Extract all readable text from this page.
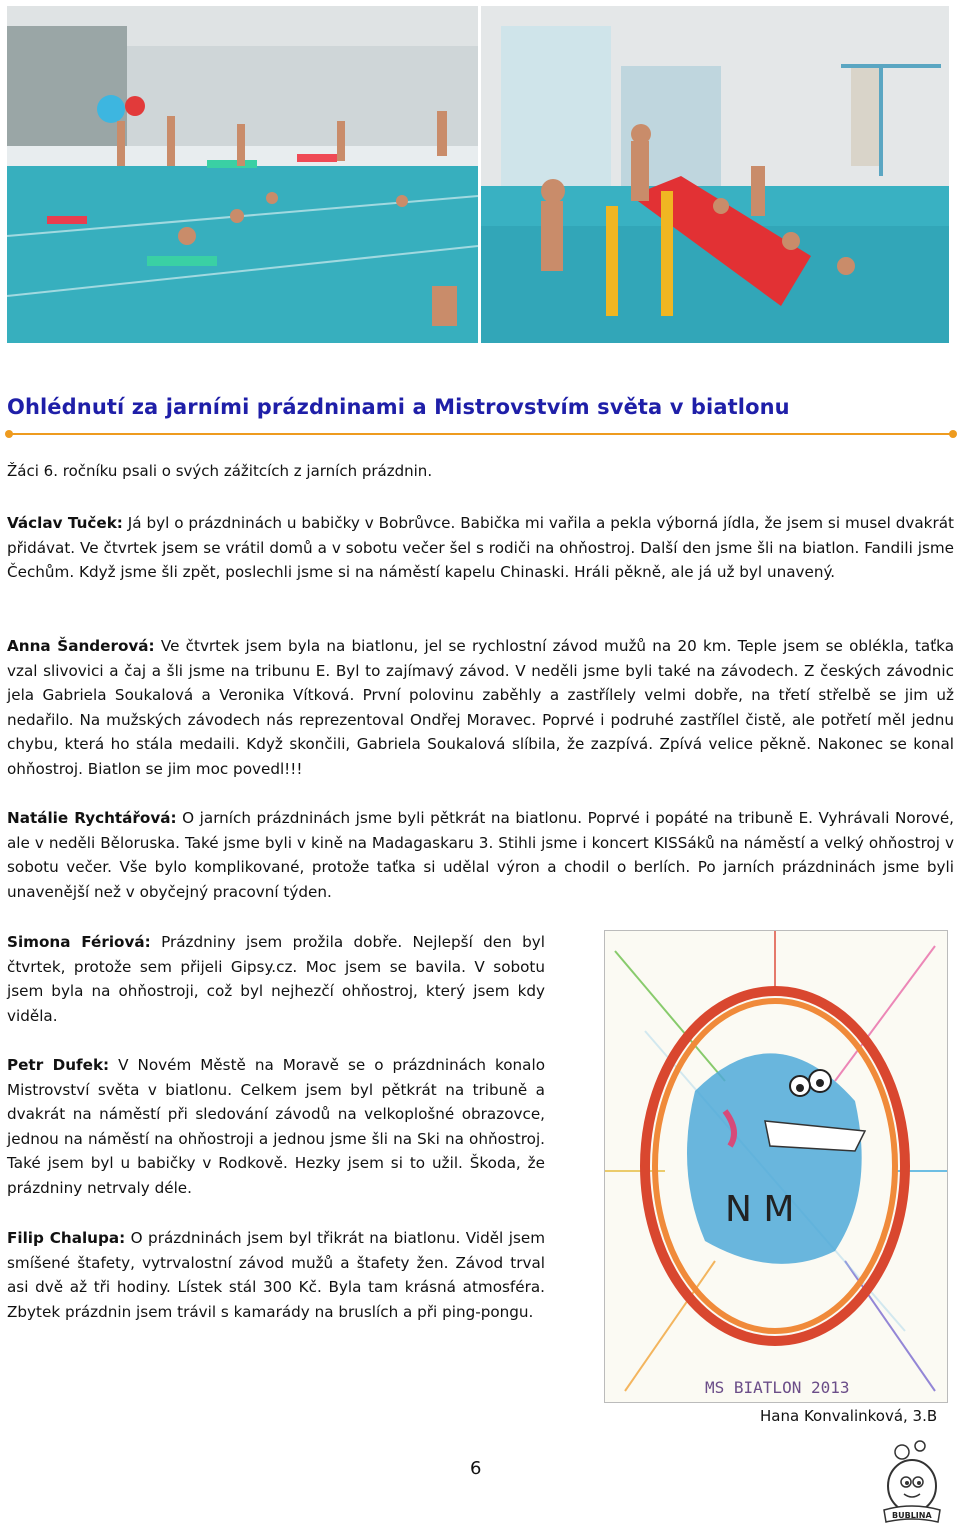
Ohlédnutí za jarními prázdninami a Mistrovstvím světa v biatlonu
Žáci 6. ročníku psali o svých zážitcích z jarních prázdnin.

Václav Tuček: Já byl o prázdninách u babičky v Bobrůvce. Babička mi vařila a pekla výborná jídla, že jsem si musel dvakrát přidávat. Ve čtvrtek jsem se vrátil domů a v sobotu večer šel s rodiči na ohňostroj. Další den jsme šli na biatlon. Fandili jsme Čechům. Když jsme šli zpět, poslechli jsme si na náměstí kapelu Chinaski. Hráli pěkně, ale já už byl unavený.

Anna Šanderová: Ve čtvrtek jsem byla na biatlonu, jel se rychlostní závod mužů na 20 km. Teple jsem se oblékla, taťka vzal slivovici a čaj a šli jsme na tribunu E. Byl to zajímavý závod. V neděli jsme byli také na závodech. Z českých závodnic jela Gabriela Soukalová a Veronika Vítková. První polovinu zaběhly a zastřílely velmi dobře, na třetí střelbě se jim už nedařilo. Na mužských závodech nás reprezentoval Ondřej Moravec. Poprvé i podruhé zastřílel čistě, ale potřetí měl jednu chybu, která ho stála medaili. Když skončili, Gabriela Soukalová slíbila, že zazpívá. Zpívá velice pěkně. Nakonec se konal ohňostroj. Biatlon se jim moc povedl!!!

Natálie Rychtářová: O jarních prázdninách jsme byli pětkrát na biatlonu. Poprvé i popáté na tribuně E. Vyhrávali Norové, ale v neděli Běloruska. Také jsme byli v kině na Madagaskaru 3. Stihli jsme i koncert KISSáků na náměstí a velký ohňostroj v sobotu večer. Vše bylo komplikované, protože taťka si udělal výron a chodil o berlích. Po jarních prázdninách jsme byli unavenější než v obyčejný pracovní týden.

Simona Fériová: Prázdniny jsem prožila dobře. Nejlepší den byl čtvrtek, protože sem přijeli Gipsy.cz. Moc jsem se bavila. V sobotu jsem byla na ohňostroji, což byl nejhezčí ohňostroj, který jsem kdy viděla.

Petr Dufek: V Novém Městě na Moravě se o prázdninách konalo Mistrovství světa v biatlonu. Celkem jsem byl pětkrát na tribuně a dvakrát na náměstí při sledování závodů na velkoplošné obrazovce, jednou na náměstí na ohňostroji a jednou jsme šli na Ski na ohňostroj. Také jsem byl u babičky v Rodkově. Hezky jsem si to užil. Škoda, že prázdniny netrvaly déle.

Filip Chalupa: O prázdninách jsem byl třikrát na biatlonu. Viděl jsem smíšené štafety, vytrvalostní závod mužů a štafety žen. Závod trval asi dvě až tři hodiny. Lístek stál 300 Kč. Byla tam krásná atmosféra. Zbytek prázdnin jsem trávil s kamarády na bruslích a při ping-pongu.

N M
MS BIATLON 2013
Hana Konvalinková, 3.B
6
BUBLINA
